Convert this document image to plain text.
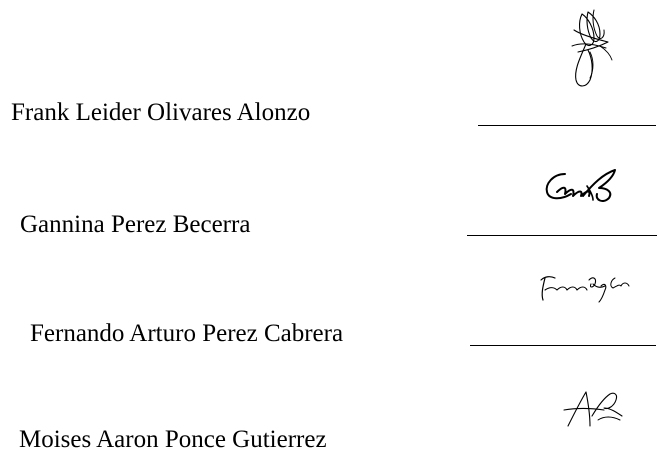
Frank Leider Olivares Alonzo
Gannina Perez Becerra
Fernando Arturo Perez Cabrera
Moises Aaron Ponce Gutierrez
